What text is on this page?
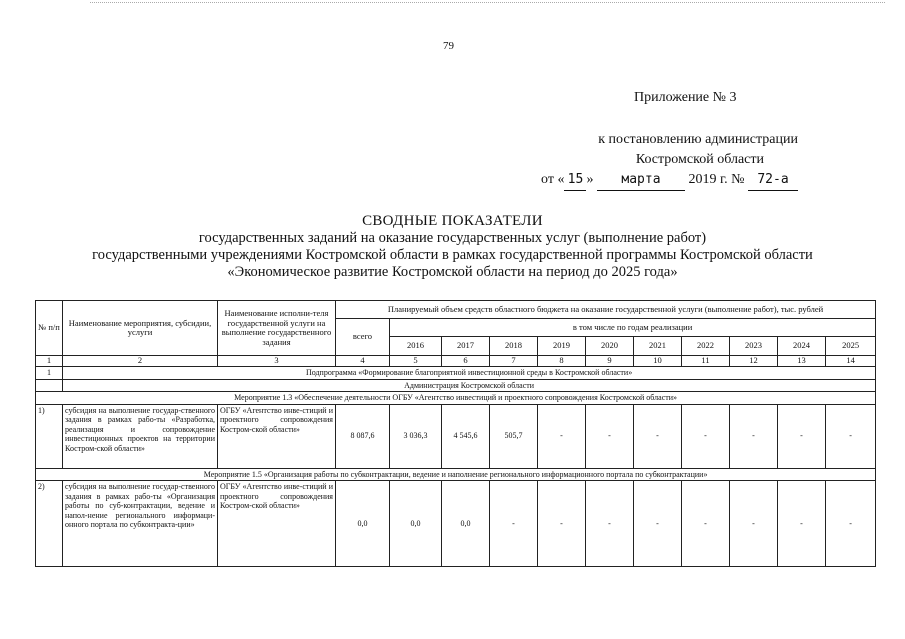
79
Приложение № 3
к постановлению администрации
Костромской области
от « 15 » марта 2019 г. № 72-а
СВОДНЫЕ ПОКАЗАТЕЛИ
государственных заданий на оказание государственных услуг (выполнение работ)
государственными учреждениями Костромской области в рамках государственной программы Костромской области
«Экономическое развитие Костромской области на период до 2025 года»
№ п/п	Наименование мероприятия, субсидии, услуги	Наименование исполни-теля государственной услуги на выполнение государственного задания	Планируемый объем средств областного бюджета на оказание государственной услуги (выполнение работ), тыс. рублей										
			всего	в том числе по годам реализации									
				2016	2017	2018	2019	2020	2021	2022	2023	2024	2025
1	2	3	4	5	6	7	8	9	10	11	12	13	14
1	Подпрограмма «Формирование благоприятной инвестиционной среды в Костромской области»												
	Администрация Костромской области												
Мероприятие 1.3 «Обеспечение деятельности ОГБУ «Агентство инвестиций и проектного сопровождения Костромской области»													
1)	субсидия на выполнение государ-ственного задания в рамках рабо-ты «Разработка, реализация и сопровождение инвестиционных проектов на территории Костром-ской области»	ОГБУ «Агентство инве-стиций и проектного сопровождения Костром-ской области»	8 087,6	3 036,3	4 545,6	505,7	-	-	-	-	-	-	-
Мероприятие 1.5 «Организация работы по субконтрактации, ведение и наполнение регионального информационного портала по субконтрактации»													
2)	субсидия на выполнение государ-ственного задания в рамках рабо-ты «Организация работы по суб-контрактации, ведение и напол-нение регионального информаци-онного портала по субконтракта-ции»	ОГБУ «Агентство инве-стиций и проектного сопровождения Костром-ской области»	0,0	0,0	0,0	-	-	-	-	-	-	-	-
